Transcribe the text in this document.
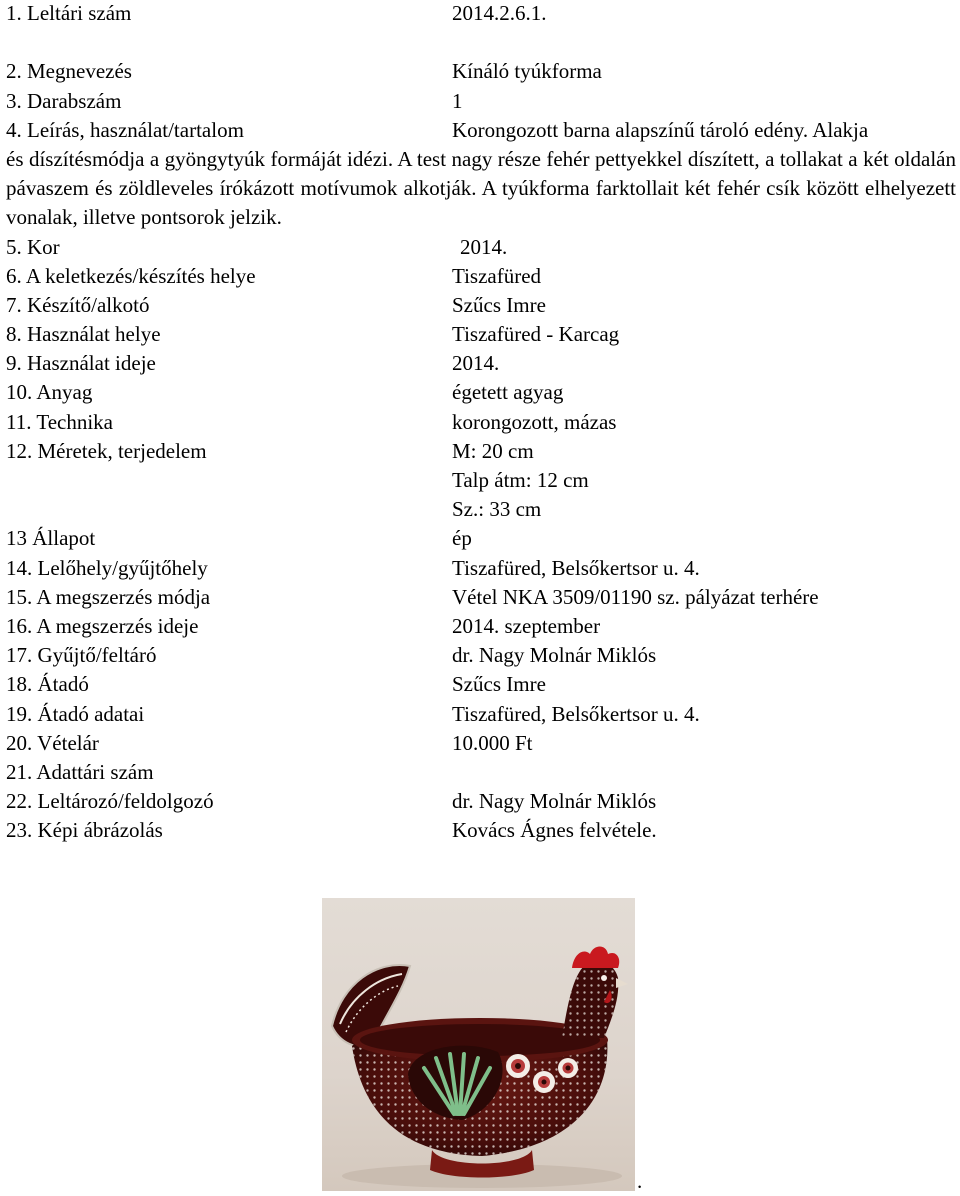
1. Leltári szám	2014.2.6.1.
2. Megnevezés	Kínáló tyúkforma
3. Darabszám	1
4. Leírás, használat/tartalom	Korongozott barna alapszínű tároló edény. Alakja
és díszítésmódja a gyöngytyúk formáját idézi. A test nagy része fehér pettyekkel díszített, a tollakat a két oldalán pávaszem és zöldleveles írókázott motívumok alkotják. A tyúkforma farktollait két fehér csík között elhelyezett vonalak, illetve pontsorok jelzik.
5. Kor	2014.
6. A keletkezés/készítés helye	Tiszafüred
7. Készítő/alkotó	Szűcs Imre
8. Használat helye	Tiszafüred - Karcag
9. Használat ideje	2014.
10. Anyag	égetett agyag
11. Technika	korongozott, mázas
12. Méretek, terjedelem	M: 20 cm
Talp átm: 12 cm
Sz.: 33 cm
13 Állapot	ép
14. Lelőhely/gyűjtőhely	Tiszafüred, Belsőkertsor u. 4.
15. A megszerzés módja	Vétel NKA 3509/01190 sz. pályázat terhére
16. A megszerzés ideje	2014. szeptember
17. Gyűjtő/feltáró	dr. Nagy Molnár Miklós
18. Átadó	Szűcs Imre
19. Átadó adatai	Tiszafüred, Belsőkertsor u. 4.
20. Vételár	10.000 Ft
21. Adattári szám
22. Leltározó/feldolgozó	dr. Nagy Molnár Miklós
23. Képi ábrázolás	Kovács Ágnes felvétele.
.
